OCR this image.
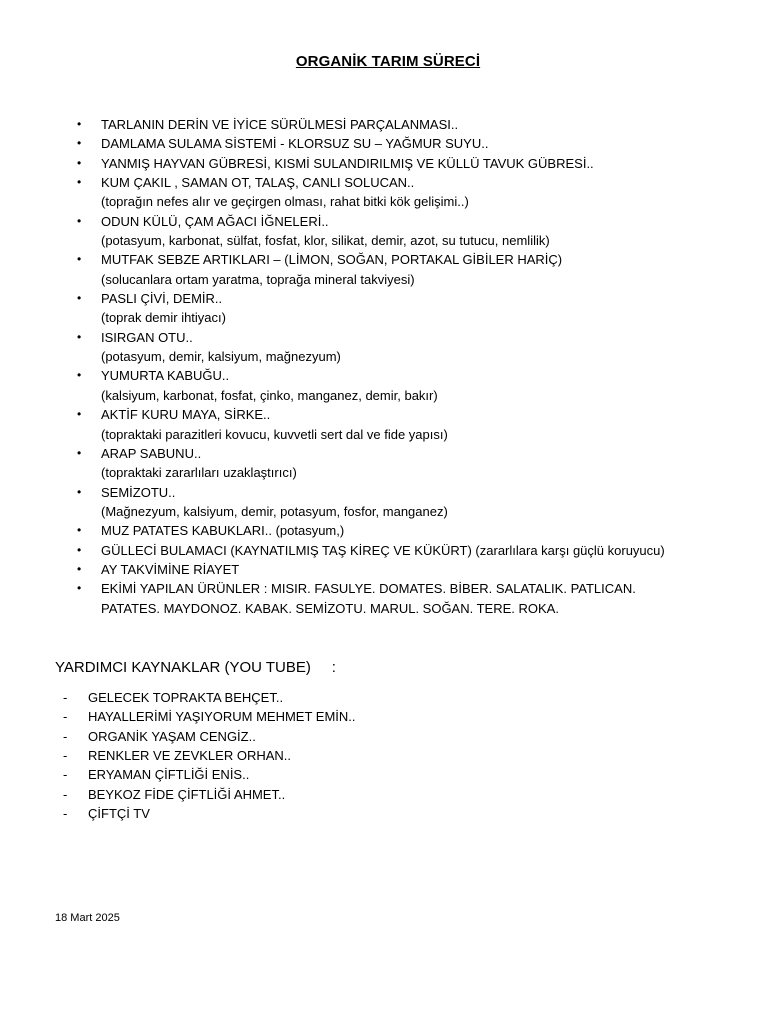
ORGANİK TARIM SÜRECİ
• TARLANIN DERİN VE İYİCE SÜRÜLMESİ PARÇALANMASI..
• DAMLAMA SULAMA SİSTEMİ - KLORSUZ SU – YAĞMUR SUYU..
• YANMIŞ HAYVAN GÜBRESİ, KISMİ SULANDIRILMIŞ VE KÜLLÜ TAVUK GÜBRESİ..
• KUM ÇAKIL , SAMAN OT, TALAŞ, CANLI SOLUCAN..
(toprağın nefes alır ve geçirgen olması, rahat bitki kök gelişimi..)
• ODUN KÜLÜ, ÇAM AĞACI İĞNELERİ..
(potasyum, karbonat, sülfat, fosfat, klor, silikat, demir, azot, su tutucu, nemlilik)
• MUTFAK SEBZE ARTIKLARI – (LİMON, SOĞAN, PORTAKAL GİBİLER HARİÇ)
(solucanlara ortam yaratma, toprağa mineral takviyesi)
• PASLI ÇİVİ, DEMİR..
(toprak demir ihtiyacı)
• ISIRGAN OTU..
(potasyum, demir, kalsiyum, mağnezyum)
• YUMURTA KABUĞU..
(kalsiyum, karbonat, fosfat, çinko, manganez, demir, bakır)
• AKTİF KURU MAYA, SİRKE..
(topraktaki parazitleri kovucu, kuvvetli sert dal ve fide yapısı)
• ARAP SABUNU..
(topraktaki zararlıları uzaklaştırıcı)
• SEMİZOTU..
(Mağnezyum, kalsiyum, demir, potasyum, fosfor, manganez)
• MUZ PATATES KABUKLARI.. (potasyum,)
• GÜLLECİ BULAMACI (KAYNATILMIŞ TAŞ KİREÇ VE KÜKÜRT) (zararlılara karşı güçlü koruyucu)
• AY TAKVİMİNE RİAYET
• EKİMİ YAPILAN ÜRÜNLER : MISIR. FASULYE. DOMATES. BİBER. SALATALIK. PATLICAN.
PATATES. MAYDONOZ. KABAK. SEMİZOTU. MARUL. SOĞAN. TERE. ROKA.
YARDIMCI KAYNAKLAR (YOU TUBE)     :
- GELECEK TOPRAKTA BEHÇET..
- HAYALLERİMİ YAŞIYORUM MEHMET EMİN..
- ORGANİK YAŞAM CENGİZ..
- RENKLER VE ZEVKLER ORHAN..
- ERYAMAN ÇİFTLİĞİ ENİS..
- BEYKOZ FİDE ÇİFTLİĞİ AHMET..
- ÇİFTÇİ TV
18 Mart 2025
